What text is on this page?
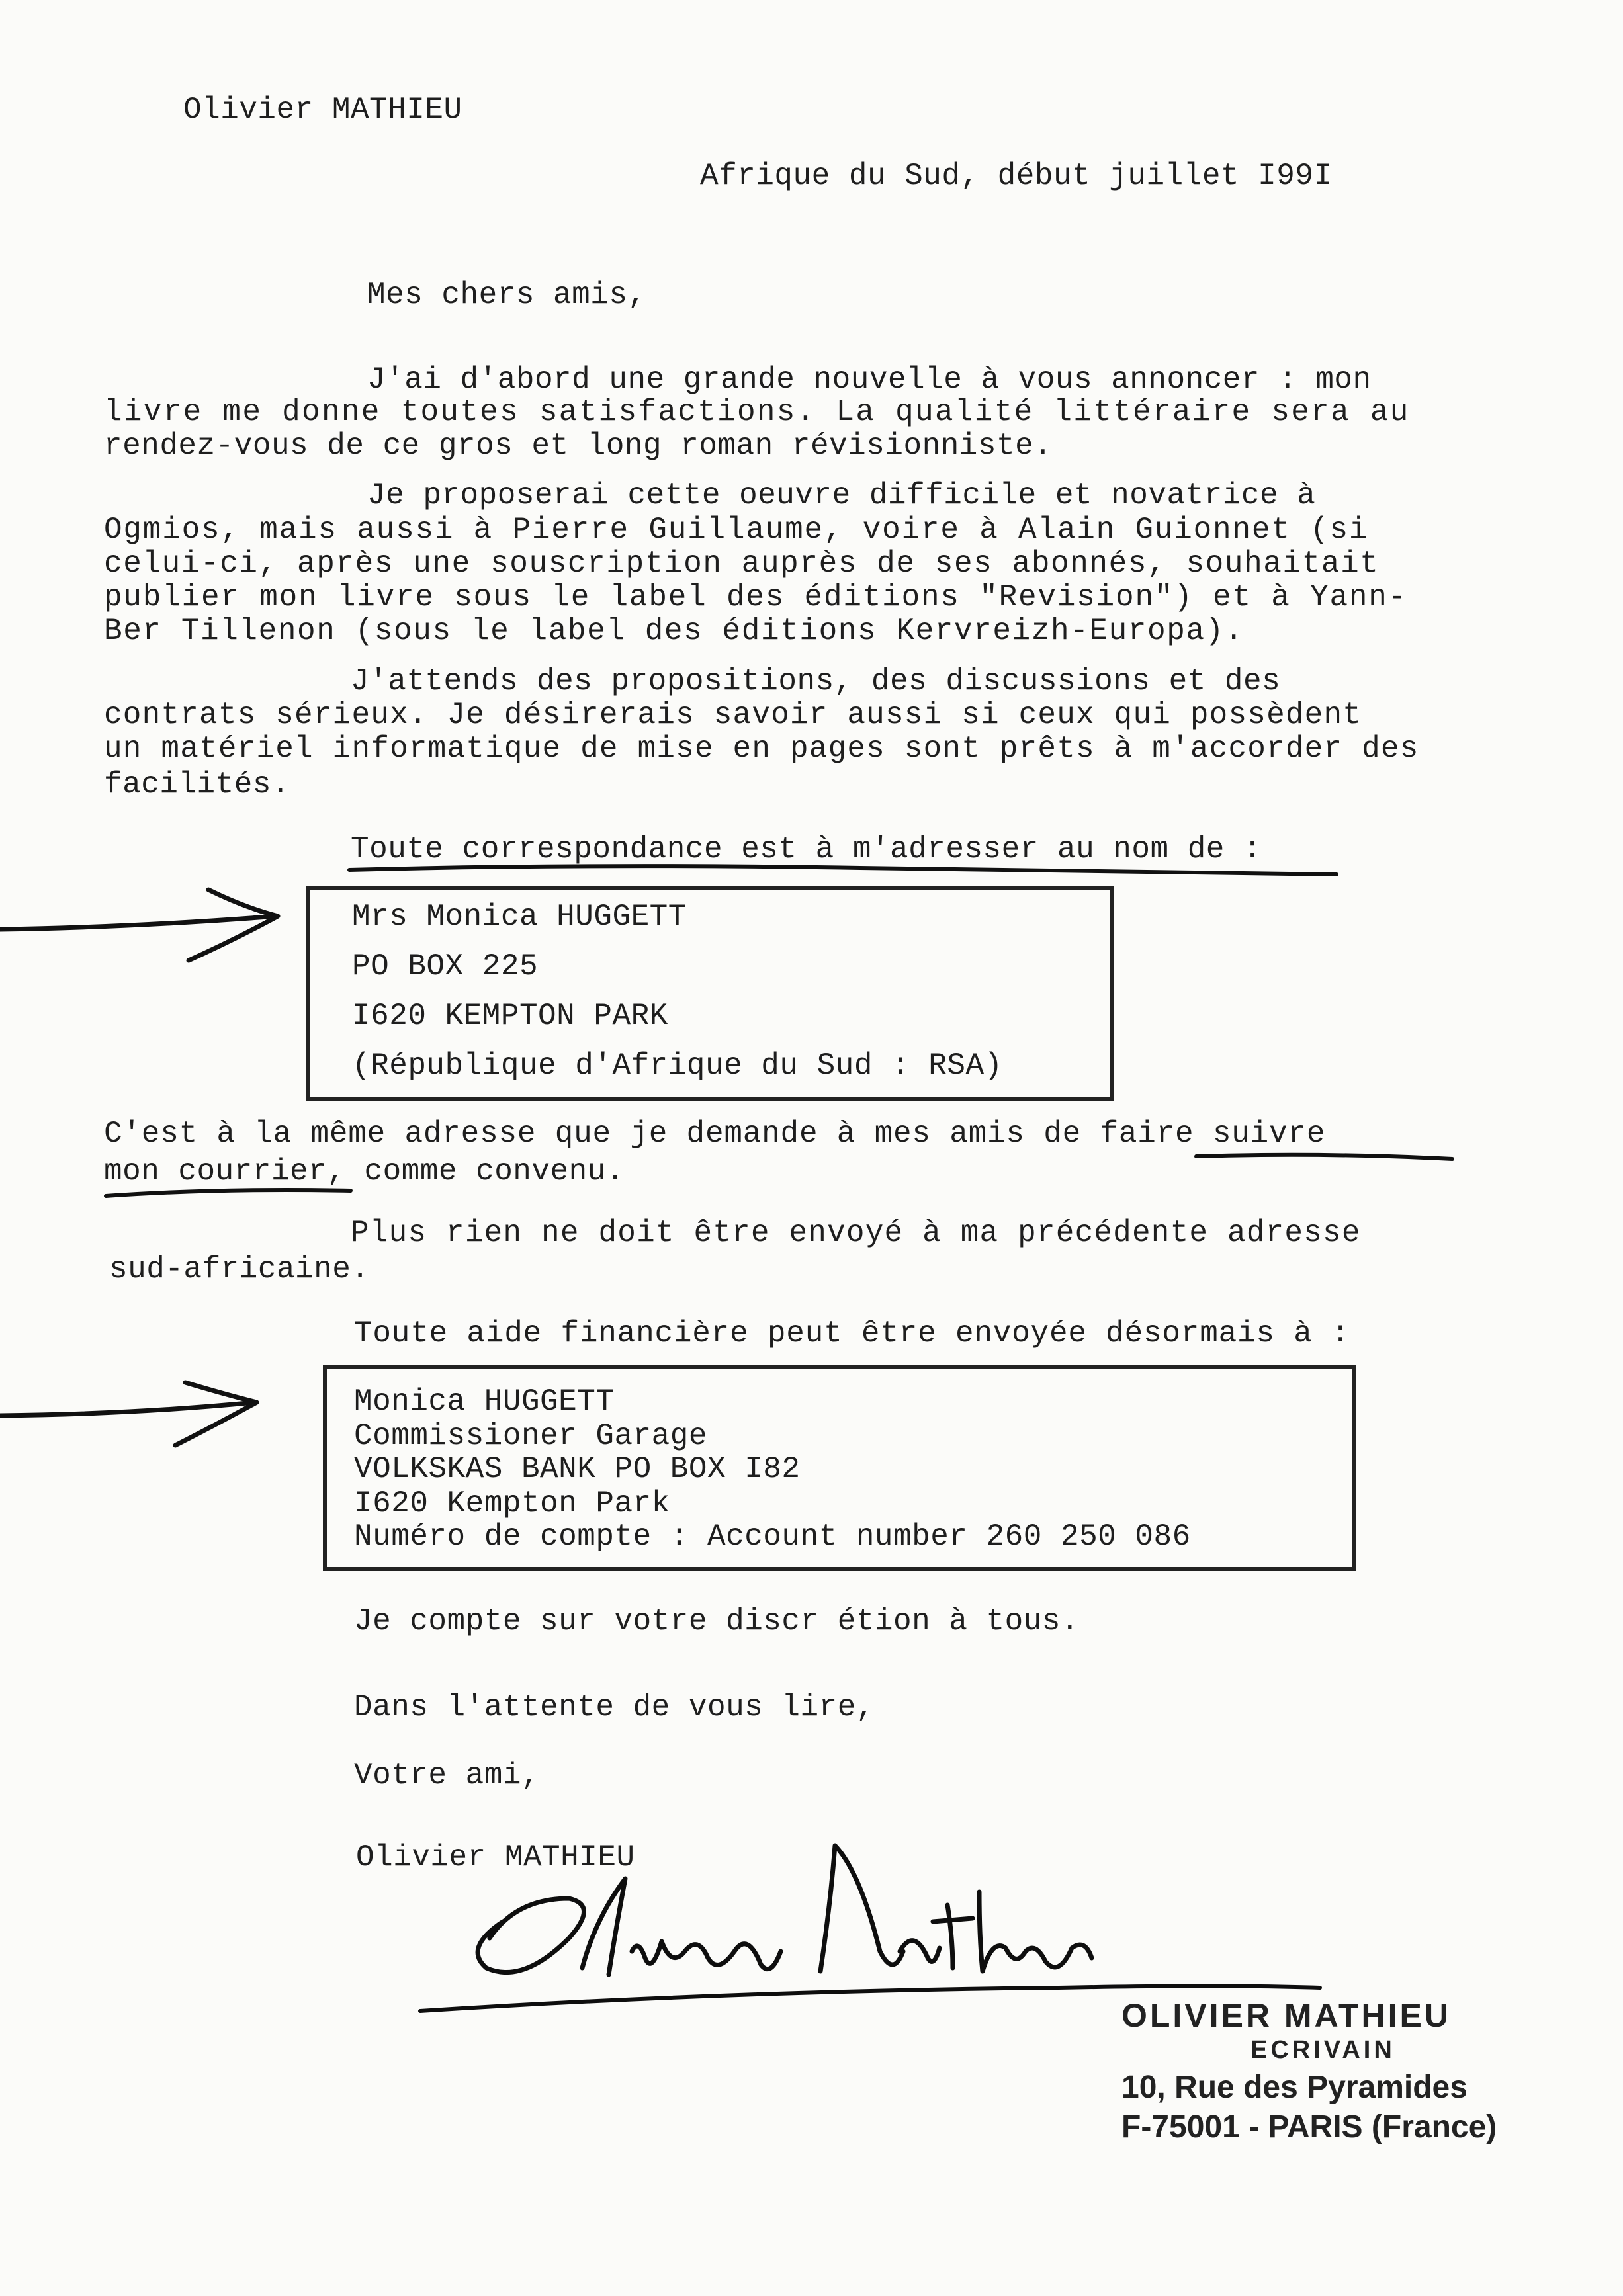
Olivier MATHIEU
Afrique du Sud, début juillet I99I
Mes chers amis,
J'ai d'abord une grande nouvelle à vous annoncer : mon
livre me donne toutes satisfactions. La qualité littéraire sera au
rendez-vous de ce gros et long roman révisionniste.
Je proposerai cette oeuvre difficile et novatrice à
Ogmios, mais aussi à Pierre Guillaume, voire à Alain Guionnet (si
celui-ci, après une souscription auprès de ses abonnés, souhaitait
publier mon livre sous le label des éditions "Revision") et à Yann-
Ber Tillenon (sous le label des éditions Kervreizh-Europa).
J'attends des propositions, des discussions et des
contrats sérieux. Je désirerais savoir aussi si ceux qui possèdent
un matériel informatique de mise en pages sont prêts à m'accorder des
facilités.
Toute correspondance est à m'adresser au nom de :
Mrs Monica HUGGETT
PO BOX 225
I620 KEMPTON PARK
(République d'Afrique du Sud : RSA)
C'est à la même adresse que je demande à mes amis de faire suivre
mon courrier, comme convenu.
Plus rien ne doit être envoyé à ma précédente adresse
sud-africaine.
Toute aide financière peut être envoyée désormais à :
Monica HUGGETT
Commissioner Garage
VOLKSKAS BANK PO BOX I82
I620 Kempton Park
Numéro de compte : Account number 260 250 086
Je compte sur votre discr étion à tous.
Dans l'attente de vous lire,
Votre ami,
Olivier MATHIEU
OLIVIER MATHIEU
ECRIVAIN
10, Rue des Pyramides
F-75001 - PARIS (France)
